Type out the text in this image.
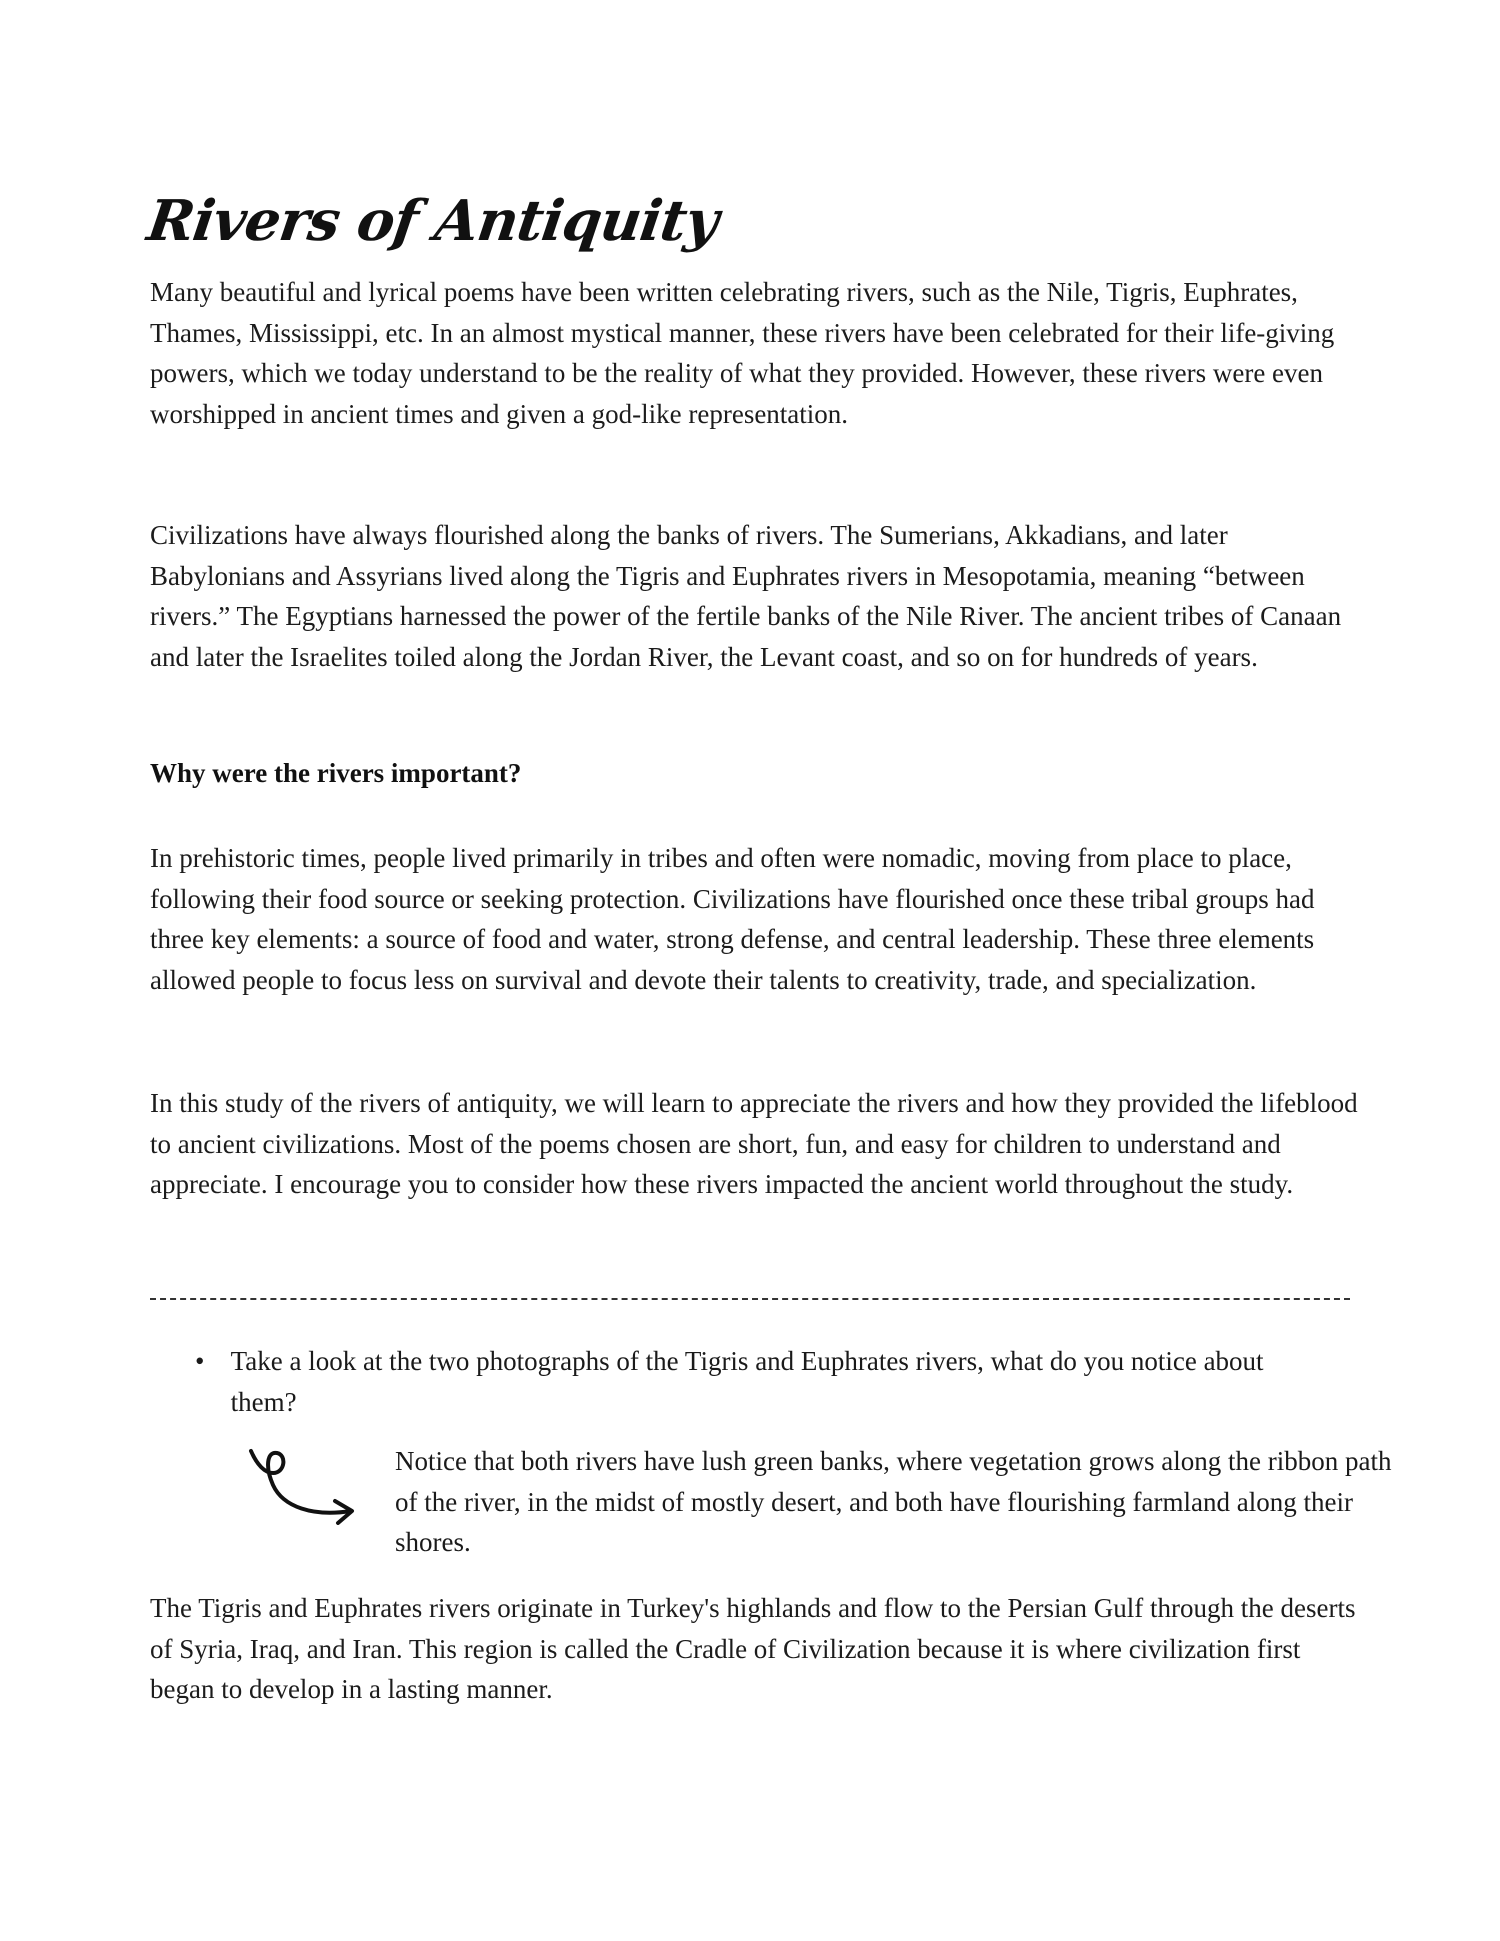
Rivers of Antiquity

Many beautiful and lyrical poems have been written celebrating rivers, such as the Nile, Tigris, Euphrates, Thames, Mississippi, etc. In an almost mystical manner, these rivers have been celebrated for their life-giving powers, which we today understand to be the reality of what they provided. However, these rivers were even worshipped in ancient times and given a god-like representation.

Civilizations have always flourished along the banks of rivers. The Sumerians, Akkadians, and later Babylonians and Assyrians lived along the Tigris and Euphrates rivers in Mesopotamia, meaning “between rivers.” The Egyptians harnessed the power of the fertile banks of the Nile River. The ancient tribes of Canaan and later the Israelites toiled along the Jordan River, the Levant coast, and so on for hundreds of years.

Why were the rivers important?

In prehistoric times, people lived primarily in tribes and often were nomadic, moving from place to place, following their food source or seeking protection. Civilizations have flourished once these tribal groups had three key elements: a source of food and water, strong defense, and central leadership. These three elements allowed people to focus less on survival and devote their talents to creativity, trade, and specialization.

In this study of the rivers of antiquity, we will learn to appreciate the rivers and how they provided the lifeblood to ancient civilizations. Most of the poems chosen are short, fun, and easy for children to understand and appreciate. I encourage you to consider how these rivers impacted the ancient world throughout the study.

• Take a look at the two photographs of the Tigris and Euphrates rivers, what do you notice about them?

Notice that both rivers have lush green banks, where vegetation grows along the ribbon path of the river, in the midst of mostly desert, and both have flourishing farmland along their shores.

The Tigris and Euphrates rivers originate in Turkey's highlands and flow to the Persian Gulf through the deserts of Syria, Iraq, and Iran. This region is called the Cradle of Civilization because it is where civilization first began to develop in a lasting manner.
